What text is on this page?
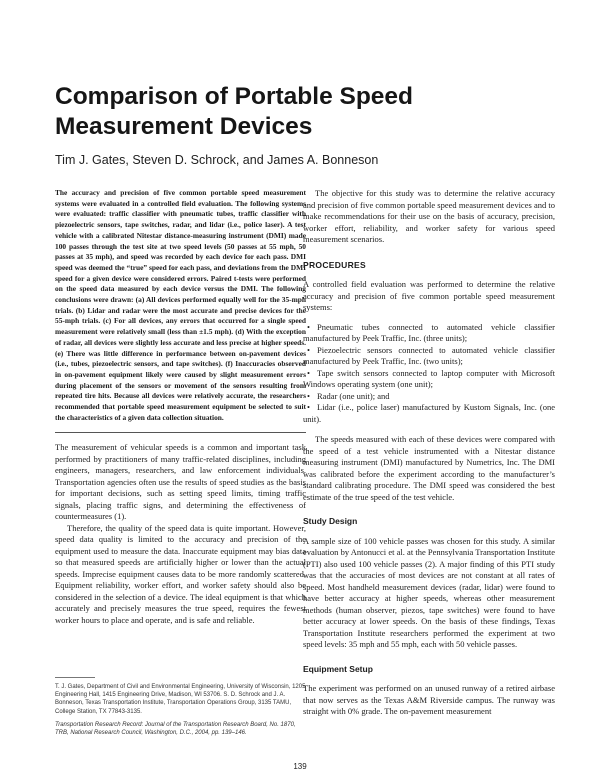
Comparison of Portable Speed Measurement Devices

Tim J. Gates, Steven D. Schrock, and James A. Bonneson

The accuracy and precision of five common portable speed measurement systems were evaluated in a controlled field evaluation. The following systems were evaluated: traffic classifier with pneumatic tubes, traffic classifier with piezoelectric sensors, tape switches, radar, and lidar (i.e., police laser). A test vehicle with a calibrated Nitestar distance-measuring instrument (DMI) made 100 passes through the test site at two speed levels (50 passes at 55 mph, 50 passes at 35 mph), and speed was recorded by each device for each pass. DMI speed was deemed the “true” speed for each pass, and deviations from the DMI speed for a given device were considered errors. Paired t-tests were performed on the speed data measured by each device versus the DMI. The following conclusions were drawn: (a) All devices performed equally well for the 35-mph trials. (b) Lidar and radar were the most accurate and precise devices for the 55-mph trials. (c) For all devices, any errors that occurred for a single speed measurement were relatively small (less than ±1.5 mph). (d) With the exception of radar, all devices were slightly less accurate and less precise at higher speeds. (e) There was little difference in performance between on-pavement devices (i.e., tubes, piezoelectric sensors, and tape switches). (f) Inaccuracies observed in on-pavement equipment likely were caused by slight measurement errors during placement of the sensors or movement of the sensors resulting from repeated tire hits. Because all devices were relatively accurate, the researchers recommended that portable speed measurement equipment be selected to suit the characteristics of a given data collection situation.

The measurement of vehicular speeds is a common and important task performed by practitioners of many traffic-related disciplines, including engineers, managers, researchers, and law enforcement individuals. Transportation agencies often use the results of speed studies as the basis for important decisions, such as setting speed limits, timing traffic signals, placing traffic signs, and determining the effectiveness of countermeasures (1).

Therefore, the quality of the speed data is quite important. However, speed data quality is limited to the accuracy and precision of the equipment used to measure the data. Inaccurate equipment may bias data so that measured speeds are artificially higher or lower than the actual speeds. Imprecise equipment causes data to be more randomly scattered. Equipment reliability, worker effort, and worker safety should also be considered in the selection of a device. The ideal equipment is that which accurately and precisely measures the true speed, requires the fewest worker hours to place and operate, and is safe and reliable.

T. J. Gates, Department of Civil and Environmental Engineering, University of Wisconsin, 1205 Engineering Hall, 1415 Engineering Drive, Madison, WI 53706. S. D. Schrock and J. A. Bonneson, Texas Transportation Institute, Transportation Operations Group, 3135 TAMU, College Station, TX 77843-3135.

Transportation Research Record: Journal of the Transportation Research Board, No. 1870, TRB, National Research Council, Washington, D.C., 2004, pp. 139–146.

The objective for this study was to determine the relative accuracy and precision of five common portable speed measurement devices and to make recommendations for their use on the basis of accuracy, precision, worker effort, reliability, and worker safety for various speed measurement scenarios.

PROCEDURES

A controlled field evaluation was performed to determine the relative accuracy and precision of five common portable speed measurement systems:

• Pneumatic tubes connected to automated vehicle classifier manufactured by Peek Traffic, Inc. (three units);
• Piezoelectric sensors connected to automated vehicle classifier manufactured by Peek Traffic, Inc. (two units);
• Tape switch sensors connected to laptop computer with Microsoft Windows operating system (one unit);
• Radar (one unit); and
• Lidar (i.e., police laser) manufactured by Kustom Signals, Inc. (one unit).

The speeds measured with each of these devices were compared with the speed of a test vehicle instrumented with a Nitestar distance measuring instrument (DMI) manufactured by Numetrics, Inc. The DMI was calibrated before the experiment according to the manufacturer’s standard calibrating procedure. The DMI speed was considered the best estimate of the true speed of the test vehicle.

Study Design

A sample size of 100 vehicle passes was chosen for this study. A similar evaluation by Antonucci et al. at the Pennsylvania Transportation Institute (PTI) also used 100 vehicle passes (2). A major finding of this PTI study was that the accuracies of most devices are not constant at all rates of speed. Most handheld measurement devices (radar, lidar) were found to have better accuracy at higher speeds, whereas other measurement methods (human observer, piezos, tape switches) were found to have better accuracy at lower speeds. On the basis of these findings, Texas Transportation Institute researchers performed the experiment at two speed levels: 35 mph and 55 mph, each with 50 vehicle passes.

Equipment Setup

The experiment was performed on an unused runway of a retired airbase that now serves as the Texas A&M Riverside campus. The runway was straight with 0% grade. The on-pavement measurement

139
